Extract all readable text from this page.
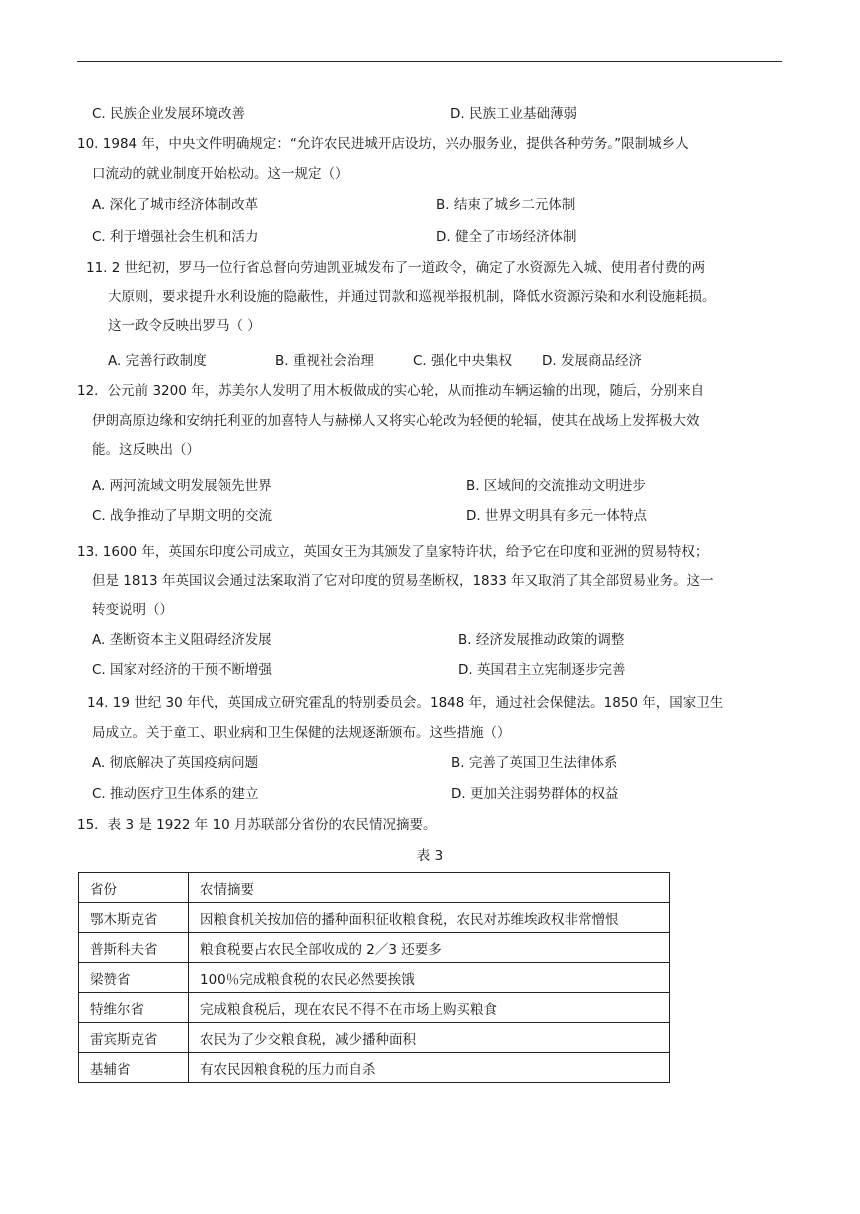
C. 民族企业发展环境改善	D. 民族工业基础薄弱
10. 1984 年，中央文件明确规定：“允许农民进城开店设坊，兴办服务业，提供各种劳务。”限制城乡人
口流动的就业制度开始松动。这一规定（）
A. 深化了城市经济体制改革	B. 结束了城乡二元体制
C. 利于增强社会生机和活力	D. 健全了市场经济体制
11. 2 世纪初，罗马一位行省总督向劳迪凯亚城发布了一道政令，确定了水资源先入城、使用者付费的两
大原则，要求提升水利设施的隐蔽性，并通过罚款和巡视举报机制，降低水资源污染和水利设施耗损。
这一政令反映出罗马（ ）
A. 完善行政制度	B. 重视社会治理	C. 强化中央集权 D. 发展商品经济
12．公元前 3200 年，苏美尔人发明了用木板做成的实心轮，从而推动车辆运输的出现，随后，分别来自
伊朗高原边缘和安纳托利亚的加喜特人与赫梯人又将实心轮改为轻便的轮辐，使其在战场上发挥极大效
能。这反映出（）
A. 两河流域文明发展领先世界	B. 区域间的交流推动文明进步
C. 战争推动了早期文明的交流	D. 世界文明具有多元一体特点
13. 1600 年，英国东印度公司成立，英国女王为其颁发了皇家特许状，给予它在印度和亚洲的贸易特权；
但是 1813 年英国议会通过法案取消了它对印度的贸易垄断权，1833 年又取消了其全部贸易业务。这一
转变说明（）
A. 垄断资本主义阻碍经济发展	B. 经济发展推动政策的调整
C. 国家对经济的干预不断增强	D. 英国君主立宪制逐步完善
14. 19 世纪 30 年代，英国成立研究霍乱的特别委员会。1848 年，通过社会保健法。1850 年，国家卫生
局成立。关于童工、职业病和卫生保健的法规逐渐颁布。这些措施（）
A. 彻底解决了英国疫病问题	B. 完善了英国卫生法律体系
C. 推动医疗卫生体系的建立	D. 更加关注弱势群体的权益
15．表 3 是 1922 年 10 月苏联部分省份的农民情况摘要。
表 3
省份	农情摘要
鄂木斯克省	因粮食机关按加倍的播种面积征收粮食税，农民对苏维埃政权非常憎恨
普斯科夫省	粮食税要占农民全部收成的 2／3 还要多
梁赞省	100％完成粮食税的农民必然要挨饿
特维尔省	完成粮食税后，现在农民不得不在市场上购买粮食
雷宾斯克省	农民为了少交粮食税，减少播种面积
基辅省	有农民因粮食税的压力而自杀
